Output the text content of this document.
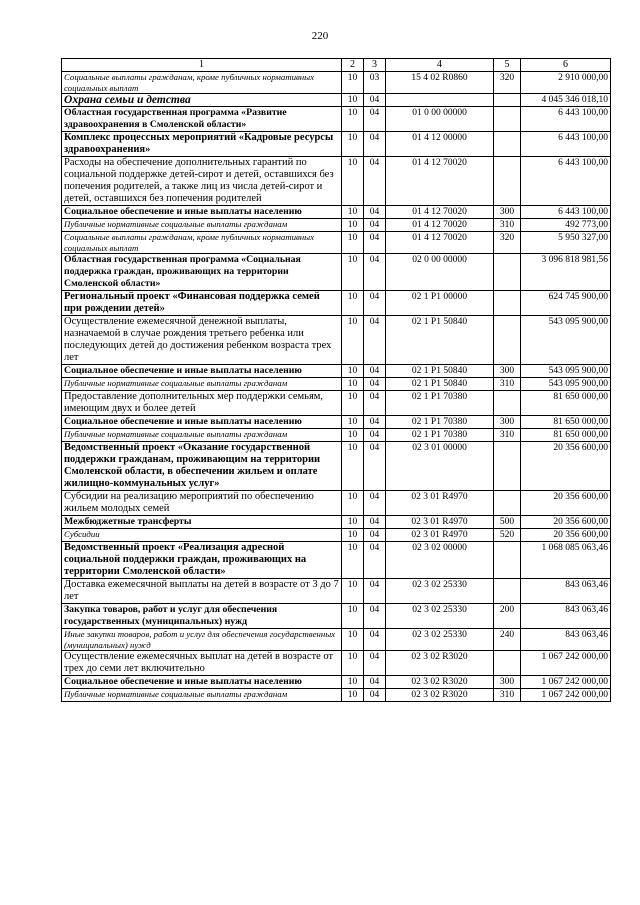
220
1	2	3	4	5	6
Социальные выплаты гражданам, кроме публичных нормативных социальных выплат	10	03	15 4 02 R0860	320	2 910 000,00
Охрана семьи и детства	10	04			4 045 346 018,10
Областная государственная программа «Развитие здравоохранения в Смоленской области»	10	04	01 0 00 00000		6 443 100,00
Комплекс процессных мероприятий «Кадровые ресурсы здравоохранения»	10	04	01 4 12 00000		6 443 100,00
Расходы на обеспечение дополнительных гарантий по социальной поддержке детей-сирот и детей, оставшихся без попечения родителей, а также лиц из числа детей-сирот и детей, оставшихся без попечения родителей	10	04	01 4 12 70020		6 443 100,00
Социальное обеспечение и иные выплаты населению	10	04	01 4 12 70020	300	6 443 100,00
Публичные нормативные социальные выплаты гражданам	10	04	01 4 12 70020	310	492 773,00
Социальные выплаты гражданам, кроме публичных нормативных социальных выплат	10	04	01 4 12 70020	320	5 950 327,00
Областная государственная программа «Социальная поддержка граждан, проживающих на территории Смоленской области»	10	04	02 0 00 00000		3 096 818 981,56
Региональный проект «Финансовая поддержка семей при рождении детей»	10	04	02 1 P1 00000		624 745 900,00
Осуществление ежемесячной денежной выплаты, назначаемой в случае рождения третьего ребенка или последующих детей до достижения ребенком возраста трех лет	10	04	02 1 P1 50840		543 095 900,00
Социальное обеспечение и иные выплаты населению	10	04	02 1 P1 50840	300	543 095 900,00
Публичные нормативные социальные выплаты гражданам	10	04	02 1 P1 50840	310	543 095 900,00
Предоставление дополнительных мер поддержки семьям, имеющим двух и более детей	10	04	02 1 P1 70380		81 650 000,00
Социальное обеспечение и иные выплаты населению	10	04	02 1 P1 70380	300	81 650 000,00
Публичные нормативные социальные выплаты гражданам	10	04	02 1 P1 70380	310	81 650 000,00
Ведомственный проект «Оказание государственной поддержки гражданам, проживающим на территории Смоленской области, в обеспечении жильем и оплате жилищно-коммунальных услуг»	10	04	02 3 01 00000		20 356 600,00
Субсидии на реализацию мероприятий по обеспечению жильем молодых семей	10	04	02 3 01 R4970		20 356 600,00
Межбюджетные трансферты	10	04	02 3 01 R4970	500	20 356 600,00
Субсидии	10	04	02 3 01 R4970	520	20 356 600,00
Ведомственный проект «Реализация адресной социальной поддержки граждан, проживающих на территории Смоленской области»	10	04	02 3 02 00000		1 068 085 063,46
Доставка ежемесячной выплаты на детей в возрасте от 3 до 7 лет	10	04	02 3 02 25330		843 063,46
Закупка товаров, работ и услуг для обеспечения государственных (муниципальных) нужд	10	04	02 3 02 25330	200	843 063,46
Иные закупки товаров, работ и услуг для обеспечения государственных (муниципальных) нужд	10	04	02 3 02 25330	240	843 063,46
Осуществление ежемесячных выплат на детей в возрасте от трех до семи лет включительно	10	04	02 3 02 R3020		1 067 242 000,00
Социальное обеспечение и иные выплаты населению	10	04	02 3 02 R3020	300	1 067 242 000,00
Публичные нормативные социальные выплаты гражданам	10	04	02 3 02 R3020	310	1 067 242 000,00
